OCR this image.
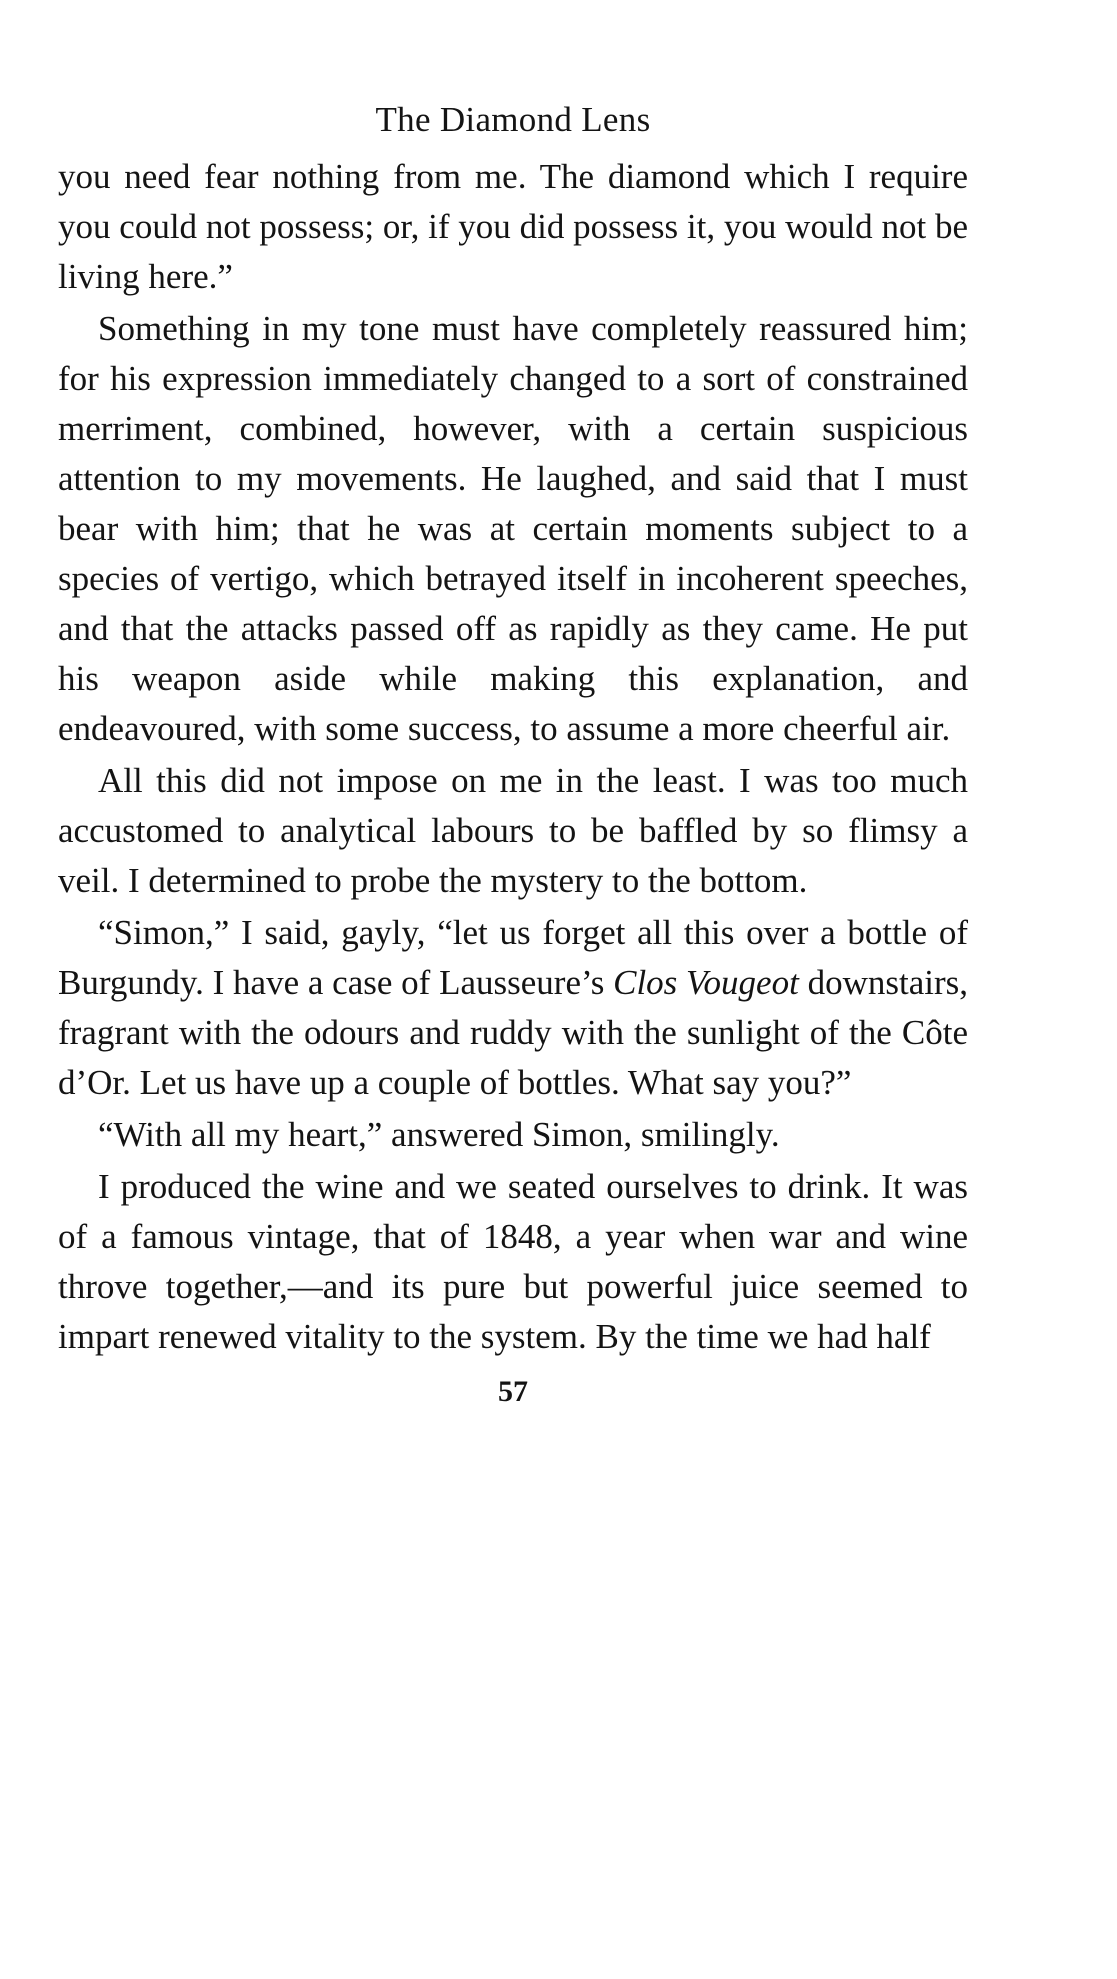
The Diamond Lens

you need fear nothing from me. The diamond which I require you could not possess; or, if you did possess it, you would not be living here.”

Something in my tone must have completely reassured him; for his expression immediately changed to a sort of constrained merriment, combined, however, with a certain suspicious attention to my movements. He laughed, and said that I must bear with him; that he was at certain moments subject to a species of vertigo, which betrayed itself in incoherent speeches, and that the attacks passed off as rapidly as they came. He put his weapon aside while making this explanation, and endeavoured, with some success, to assume a more cheerful air.

All this did not impose on me in the least. I was too much accustomed to analytical labours to be baffled by so flimsy a veil. I determined to probe the mystery to the bottom.

“Simon,” I said, gayly, “let us forget all this over a bottle of Burgundy. I have a case of Lausseure’s Clos Vougeot downstairs, fragrant with the odours and ruddy with the sunlight of the Côte d’Or. Let us have up a couple of bottles. What say you?”

“With all my heart,” answered Simon, smilingly.

I produced the wine and we seated ourselves to drink. It was of a famous vintage, that of 1848, a year when war and wine throve together,—and its pure but powerful juice seemed to impart renewed vitality to the system. By the time we had half

57
